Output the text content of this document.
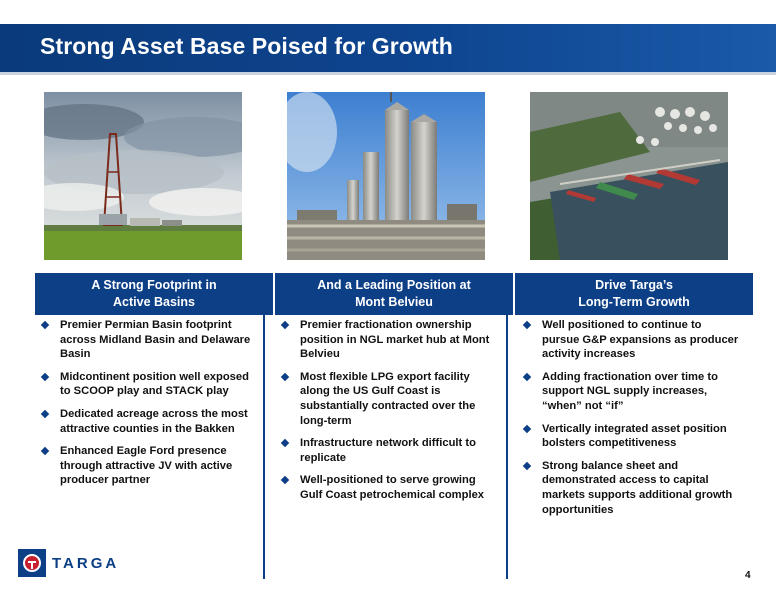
Strong Asset Base Poised for Growth
A Strong Footprint in
Active Basins
And a Leading Position at
Mont Belvieu
Drive Targa’s
Long-Term Growth
Premier Permian Basin footprint across Midland Basin and Delaware Basin
Midcontinent position well exposed to SCOOP play and STACK play
Dedicated acreage across the most attractive counties in the Bakken
Enhanced Eagle Ford presence through attractive JV with active producer partner
Premier fractionation ownership position in NGL market hub at Mont Belvieu
Most flexible LPG export facility along the US Gulf Coast is substantially contracted over the long-term
Infrastructure network difficult to replicate
Well-positioned to serve growing Gulf Coast petrochemical complex
Well positioned to continue to pursue G&P expansions as producer activity increases
Adding fractionation over time to support NGL supply increases, “when” not “if”
Vertically integrated asset position bolsters competitiveness
Strong balance sheet and demonstrated access to capital markets supports additional growth opportunities
TARGA
4
